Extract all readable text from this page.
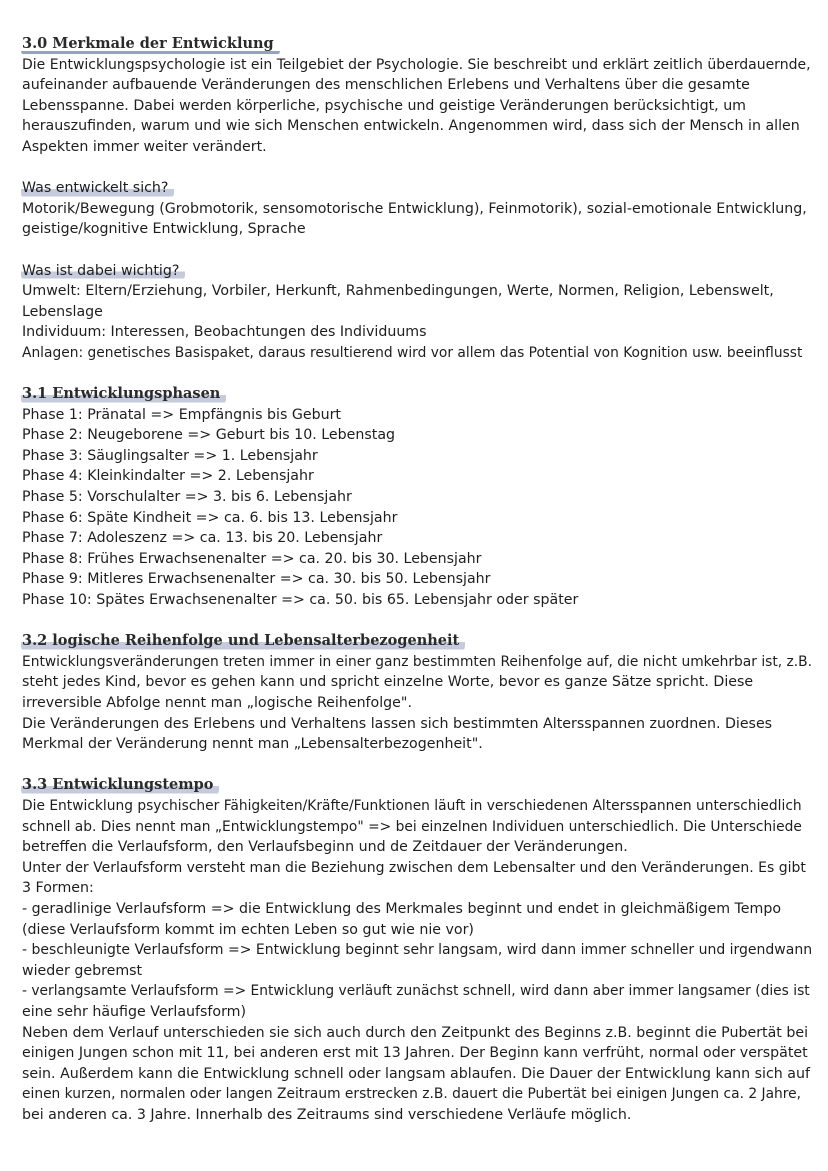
3.0 Merkmale der Entwicklung

Die Entwicklungspsychologie ist ein Teilgebiet der Psychologie. Sie beschreibt und erklärt zeitlich überdauernde,

aufeinander aufbauende Veränderungen des menschlichen Erlebens und Verhaltens über die gesamte

Lebensspanne. Dabei werden körperliche, psychische und geistige Veränderungen berücksichtigt, um

herauszufinden, warum und wie sich Menschen entwickeln. Angenommen wird, dass sich der Mensch in allen

Aspekten immer weiter verändert.

Was entwickelt sich?

Motorik/Bewegung (Grobmotorik, sensomotorische Entwicklung), Feinmotorik), sozial-emotionale Entwicklung,

geistige/kognitive Entwicklung, Sprache

Was ist dabei wichtig?

Umwelt: Eltern/Erziehung, Vorbiler, Herkunft, Rahmenbedingungen, Werte, Normen, Religion, Lebenswelt,

Lebenslage

Individuum: Interessen, Beobachtungen des Individuums

Anlagen: genetisches Basispaket, daraus resultierend wird vor allem das Potential von Kognition usw. beeinflusst

3.1 Entwicklungsphasen

Phase 1: Pränatal => Empfängnis bis Geburt

Phase 2: Neugeborene => Geburt bis 10. Lebenstag

Phase 3: Säuglingsalter => 1. Lebensjahr

Phase 4: Kleinkindalter => 2. Lebensjahr

Phase 5: Vorschulalter => 3. bis 6. Lebensjahr

Phase 6: Späte Kindheit => ca. 6. bis 13. Lebensjahr

Phase 7: Adoleszenz => ca. 13. bis 20. Lebensjahr

Phase 8: Frühes Erwachsenenalter => ca. 20. bis 30. Lebensjahr

Phase 9: Mitleres Erwachsenenalter => ca. 30. bis 50. Lebensjahr

Phase 10: Spätes Erwachsenenalter => ca. 50. bis 65. Lebensjahr oder später

3.2 logische Reihenfolge und Lebensalterbezogenheit

Entwicklungsveränderungen treten immer in einer ganz bestimmten Reihenfolge auf, die nicht umkehrbar ist, z.B.

steht jedes Kind, bevor es gehen kann und spricht einzelne Worte, bevor es ganze Sätze spricht. Diese

irreversible Abfolge nennt man „logische Reihenfolge".

Die Veränderungen des Erlebens und Verhaltens lassen sich bestimmten Altersspannen zuordnen. Dieses

Merkmal der Veränderung nennt man „Lebensalterbezogenheit".

3.3 Entwicklungstempo

Die Entwicklung psychischer Fähigkeiten/Kräfte/Funktionen läuft in verschiedenen Altersspannen unterschiedlich

schnell ab. Dies nennt man „Entwicklungstempo" => bei einzelnen Individuen unterschiedlich. Die Unterschiede

betreffen die Verlaufsform, den Verlaufsbeginn und de Zeitdauer der Veränderungen.

Unter der Verlaufsform versteht man die Beziehung zwischen dem Lebensalter und den Veränderungen. Es gibt

3 Formen:

- geradlinige Verlaufsform => die Entwicklung des Merkmales beginnt und endet in gleichmäßigem Tempo

(diese Verlaufsform kommt im echten Leben so gut wie nie vor)

- beschleunigte Verlaufsform => Entwicklung beginnt sehr langsam, wird dann immer schneller und irgendwann

wieder gebremst

- verlangsamte Verlaufsform => Entwicklung verläuft zunächst schnell, wird dann aber immer langsamer (dies ist

eine sehr häufige Verlaufsform)

Neben dem Verlauf unterschieden sie sich auch durch den Zeitpunkt des Beginns z.B. beginnt die Pubertät bei

einigen Jungen schon mit 11, bei anderen erst mit 13 Jahren. Der Beginn kann verfrüht, normal oder verspätet

sein. Außerdem kann die Entwicklung schnell oder langsam ablaufen. Die Dauer der Entwicklung kann sich auf

einen kurzen, normalen oder langen Zeitraum erstrecken z.B. dauert die Pubertät bei einigen Jungen ca. 2 Jahre,

bei anderen ca. 3 Jahre. Innerhalb des Zeitraums sind verschiedene Verläufe möglich.
